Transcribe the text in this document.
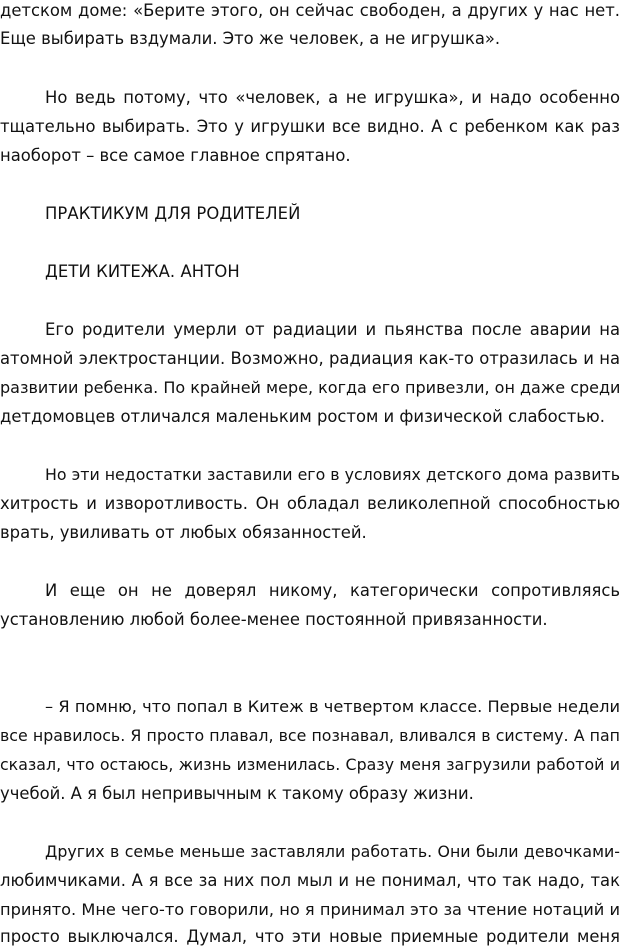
детском доме: «Берите этого, он сейчас свободен, а других у нас нет.

Еще выбирать вздумали. Это же человек, а не игрушка».

Но ведь потому, что «человек, а не игрушка», и надо особенно

тщательно выбирать. Это у игрушки все видно. А с ребенком как раз

наоборот – все самое главное спрятано.

ПРАКТИКУМ ДЛЯ РОДИТЕЛЕЙ

ДЕТИ КИТЕЖА. АНТОН

Его родители умерли от радиации и пьянства после аварии на

атомной электростанции. Возможно, радиация как-то отразилась и на

развитии ребенка. По крайней мере, когда его привезли, он даже среди

детдомовцев отличался маленьким ростом и физической слабостью.

Но эти недостатки заставили его в условиях детского дома развить

хитрость и изворотливость. Он обладал великолепной способностью

врать, увиливать от любых обязанностей.

И еще он не доверял никому, категорически сопротивляясь

установлению любой более-менее постоянной привязанности.

– Я помню, что попал в Китеж в четвертом классе. Первые недели

все нравилось. Я просто плавал, все познавал, вливался в систему. А пап

сказал, что остаюсь, жизнь изменилась. Сразу меня загрузили работой и

учебой. А я был непривычным к такому образу жизни.

Других в семье меньше заставляли работать. Они были девочками-

любимчиками. А я все за них пол мыл и не понимал, что так надо, так

принято. Мне чего-то говорили, но я принимал это за чтение нотаций и

просто выключался. Думал, что эти новые приемные родители меня
